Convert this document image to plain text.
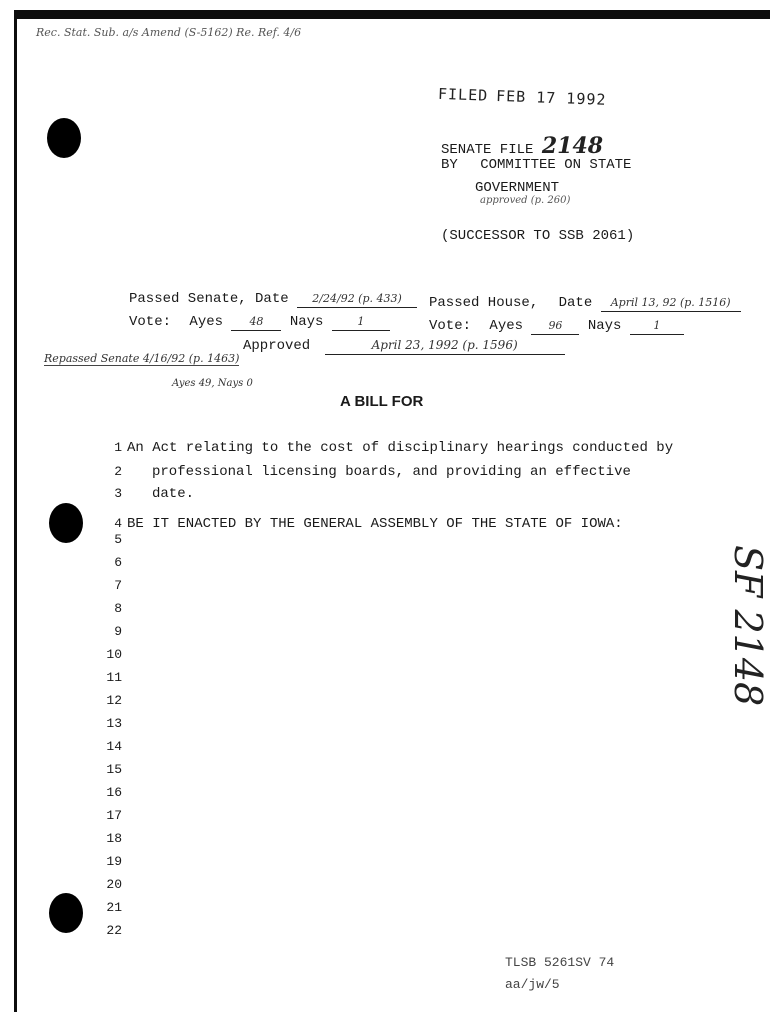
Rec. Stat. Sub. a/s Amend (S-5162) Re. Ref. 4/6
FILED FEB 17 1992
SENATE FILE 2148
BY COMMITTEE ON STATE
GOVERNMENT
approved (p. 260)
(SUCCESSOR TO SSB 2061)
Passed Senate, Date 2/24/92 (p. 433)	Passed House, Date April 13, 92 (p. 1516)
Vote: Ayes 48 Nays	1	Vote: Ayes 96 Nays	1
Approved	April 23, 1992 (p. 1596)
Repassed Senate 4/16/92 (p. 1463)
Ayes 49, Nays 0
A BILL FOR
1 An Act relating to the cost of disciplinary hearings conducted by
2 professional licensing boards, and providing an effective
3 date.
4 BE IT ENACTED BY THE GENERAL ASSEMBLY OF THE STATE OF IOWA:
5
6
7
8
9
10
11
12
13
14
15
16
17
18
19
20
21
22
SF 2148
TLSB 5261SV 74
aa/jw/5
